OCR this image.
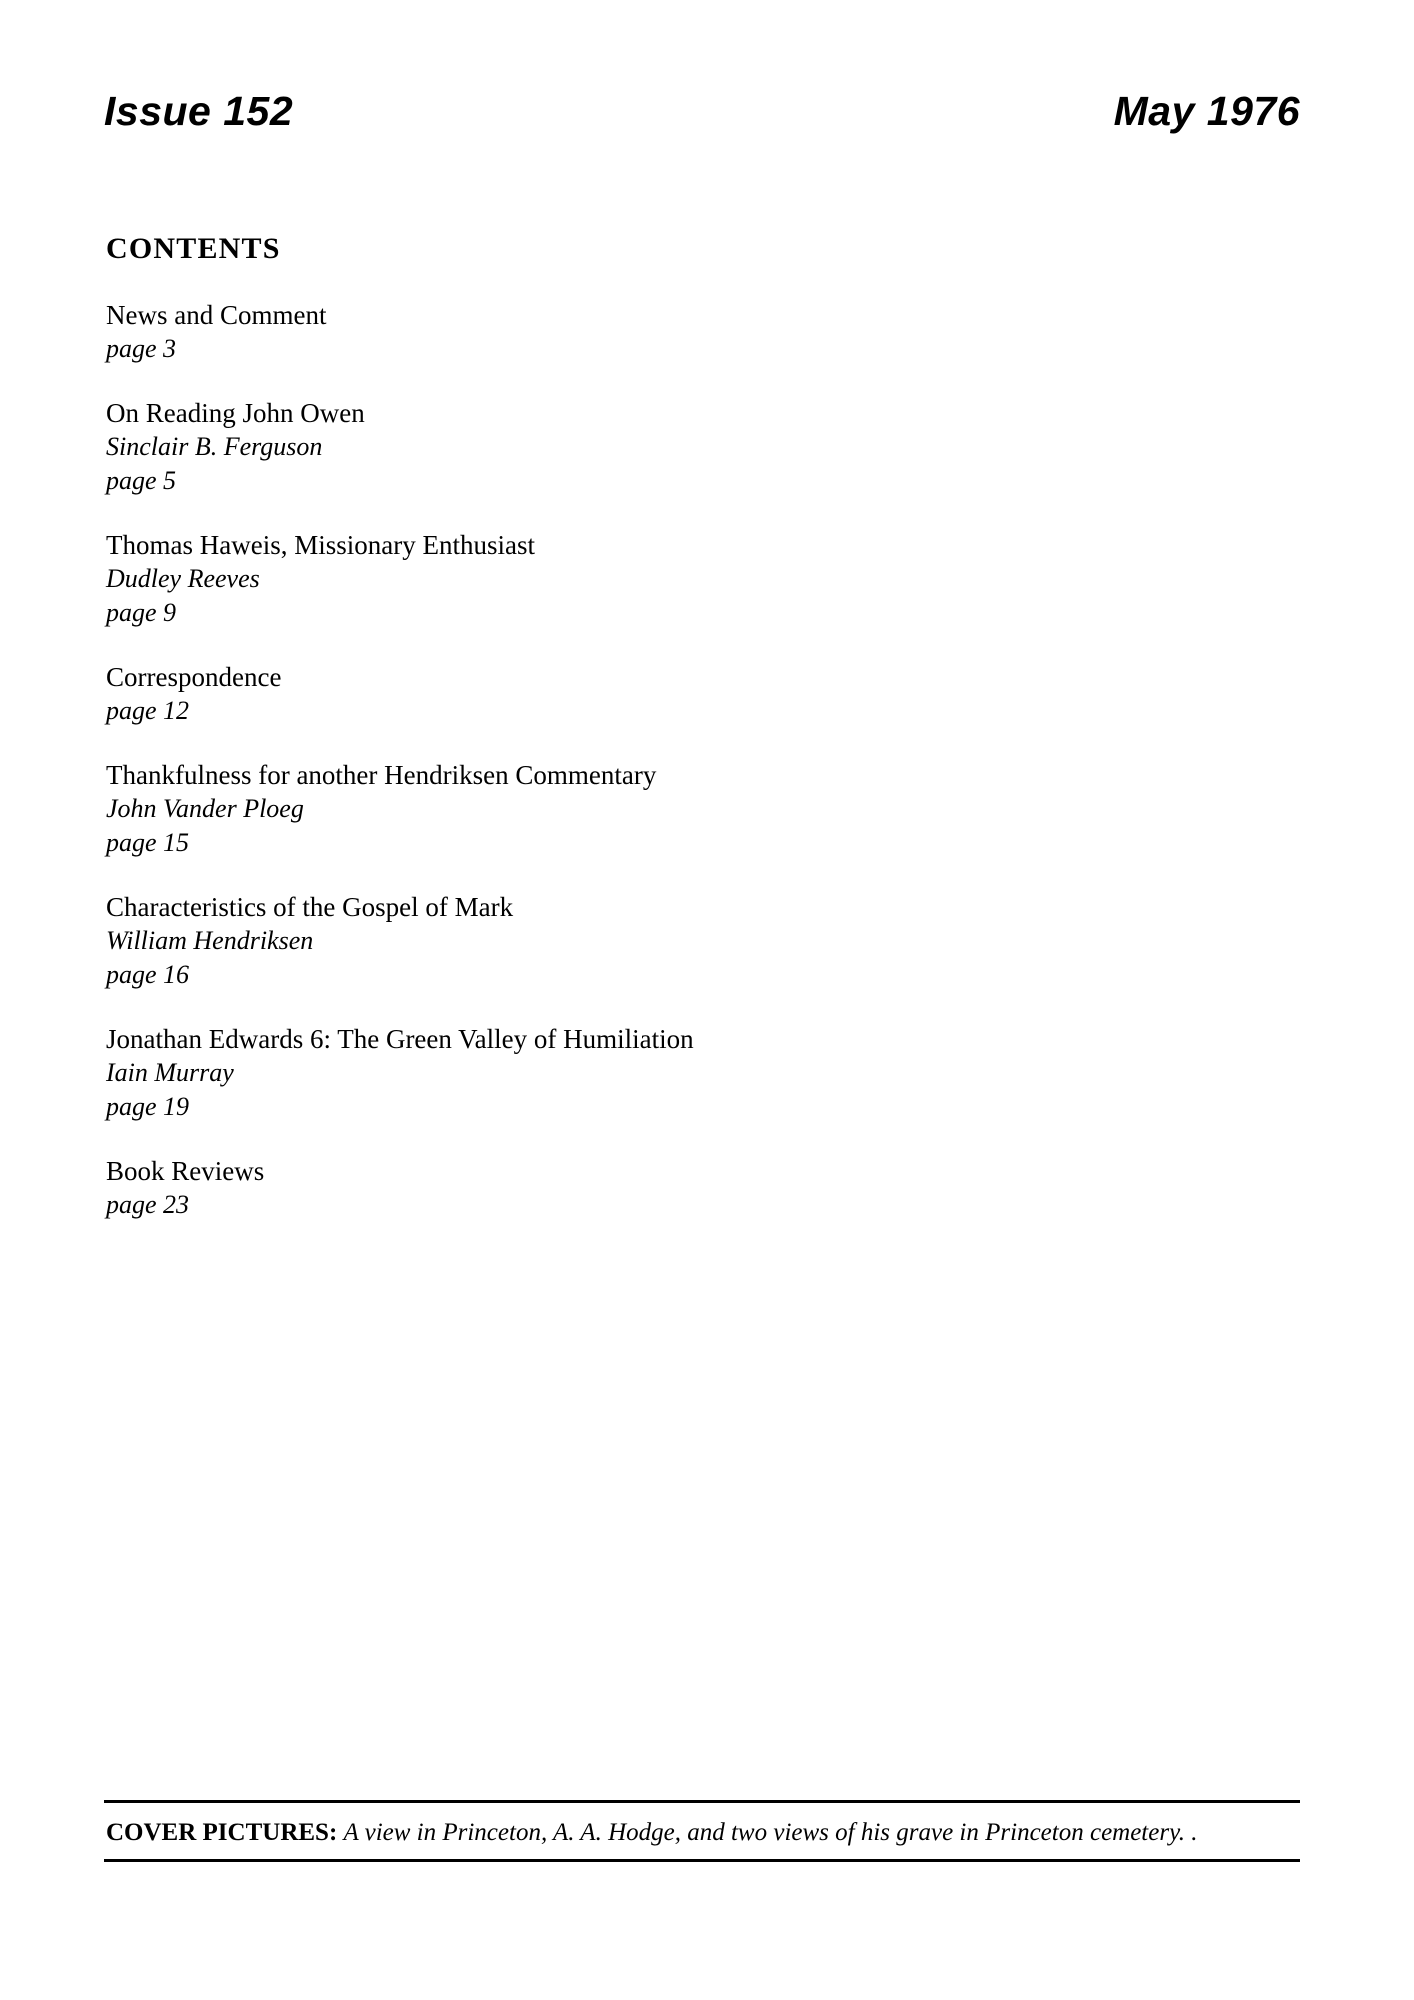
Issue 152	May 1976
CONTENTS
News and Comment
page 3
On Reading John Owen
Sinclair B. Ferguson
page 5
Thomas Haweis, Missionary Enthusiast
Dudley Reeves
page 9
Correspondence
page 12
Thankfulness for another Hendriksen Commentary
John Vander Ploeg
page 15
Characteristics of the Gospel of Mark
William Hendriksen
page 16
Jonathan Edwards 6: The Green Valley of Humiliation
Iain Murray
page 19
Book Reviews
page 23
COVER PICTURES: A view in Princeton, A. A. Hodge, and two views of his grave in Princeton cemetery. .
